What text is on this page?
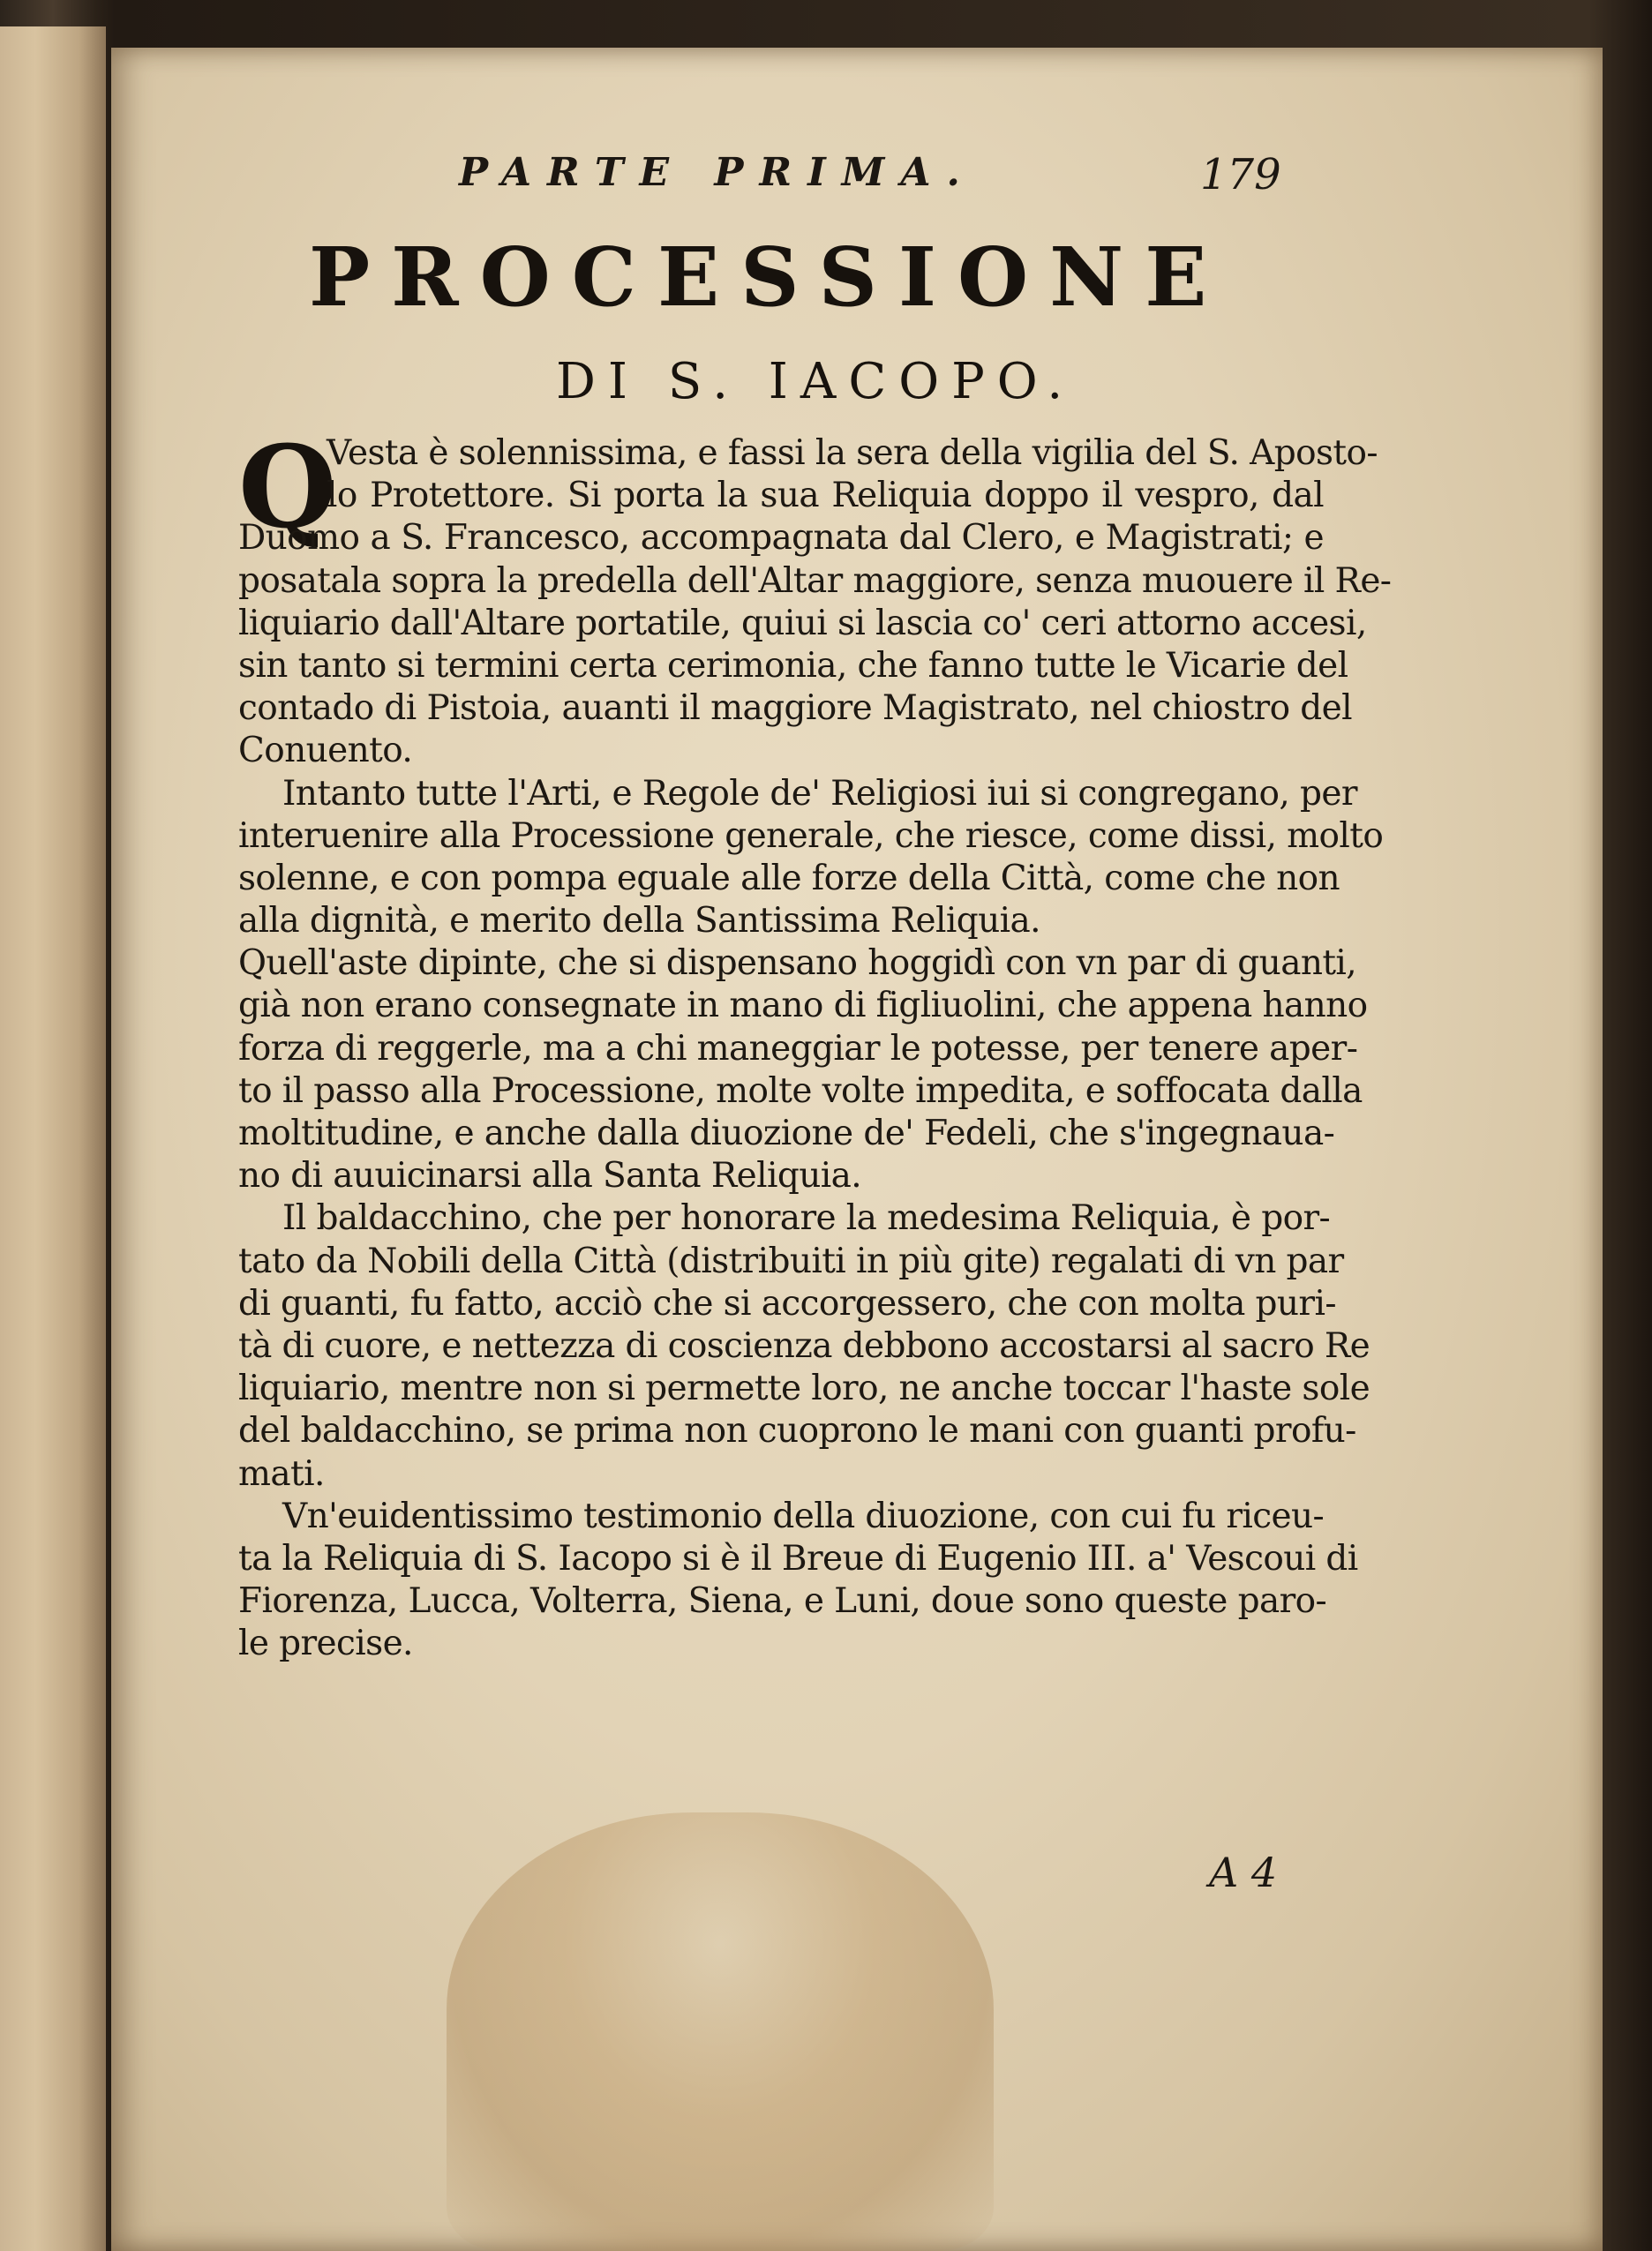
PARTE PRIMA.	179
PROCESSIONE
DI S. IACOPO.
Q
Vesta è solennissima, e fassi la sera della vigilia del S. Aposto-
lo Protettore. Si porta la sua Reliquia doppo il vespro, dal
Duomo a S. Francesco, accompagnata dal Clero, e Magistrati; e
posatala sopra la predella dell'Altar maggiore, senza muouere il Re-
liquiario dall'Altare portatile, quiui si lascia co' ceri attorno accesi,
sin tanto si termini certa cerimonia, che fanno tutte le Vicarie del
contado di Pistoia, auanti il maggiore Magistrato, nel chiostro del
Conuento.
Intanto tutte l'Arti, e Regole de' Religiosi iui si congregano, per
interuenire alla Processione generale, che riesce, come dissi, molto
solenne, e con pompa eguale alle forze della Città, come che non
alla dignità, e merito della Santissima Reliquia.
Quell'aste dipinte, che si dispensano hoggidì con vn par di guanti,
già non erano consegnate in mano di figliuolini, che appena hanno
forza di reggerle, ma a chi maneggiar le potesse, per tenere aper-
to il passo alla Processione, molte volte impedita, e soffocata dalla
moltitudine, e anche dalla diuozione de' Fedeli, che s'ingegnaua-
no di auuicinarsi alla Santa Reliquia.
Il baldacchino, che per honorare la medesima Reliquia, è por-
tato da Nobili della Città (distribuiti in più gite) regalati di vn par
di guanti, fu fatto, acciò che si accorgessero, che con molta puri-
tà di cuore, e nettezza di coscienza debbono accostarsi al sacro Re
liquiario, mentre non si permette loro, ne anche toccar l'haste sole
del baldacchino, se prima non cuoprono le mani con guanti profu-
mati.
Vn'euidentissimo testimonio della diuozione, con cui fu riceu-
ta la Reliquia di S. Iacopo si è il Breue di Eugenio III. a' Vescoui di
Fiorenza, Lucca, Volterra, Siena, e Luni, doue sono queste paro-
le precise.
A 4
